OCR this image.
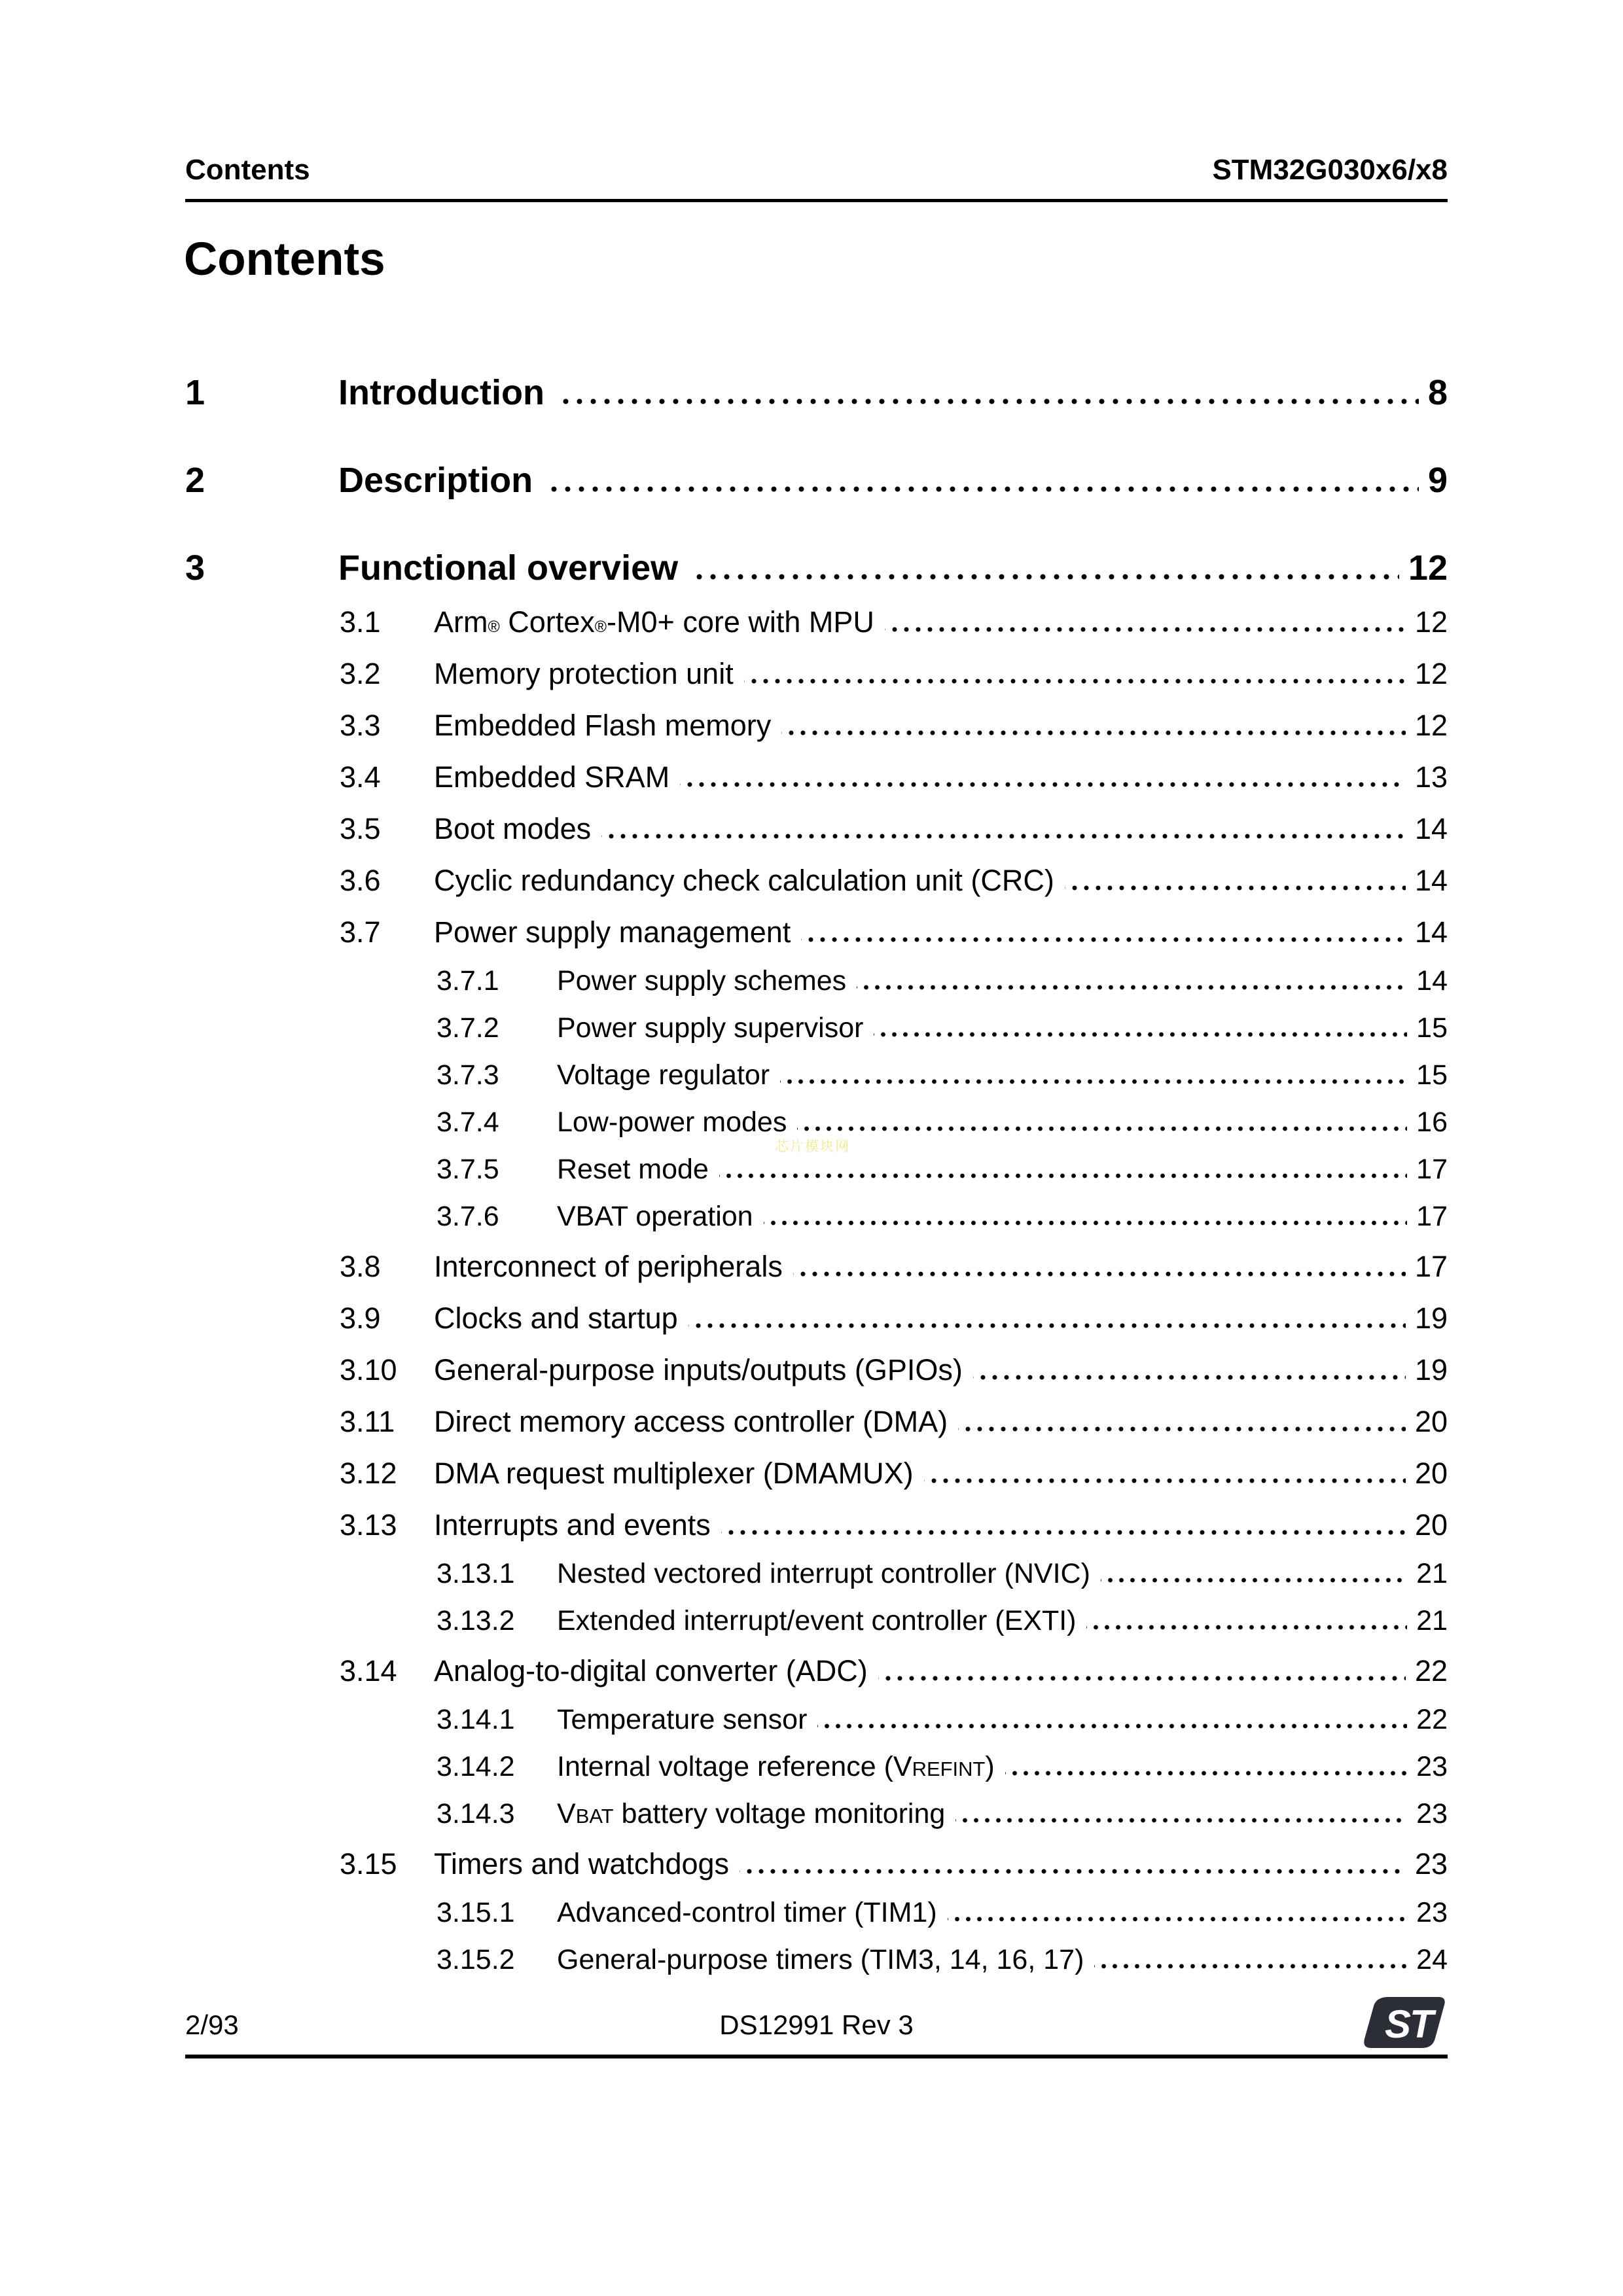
Contents	STM32G030x6/x8
Contents
1	Introduction	8
2	Description	9
3	Functional overview	12
3.1	Arm® Cortex®-M0+ core with MPU	12
3.2	Memory protection unit	12
3.3	Embedded Flash memory	12
3.4	Embedded SRAM	13
3.5	Boot modes	14
3.6	Cyclic redundancy check calculation unit (CRC)	14
3.7	Power supply management	14
3.7.1	Power supply schemes	14
3.7.2	Power supply supervisor	15
3.7.3	Voltage regulator	15
3.7.4	Low-power modes	16
3.7.5	Reset mode	17
3.7.6	VBAT operation	17
3.8	Interconnect of peripherals	17
3.9	Clocks and startup	19
3.10	General-purpose inputs/outputs (GPIOs)	19
3.11	Direct memory access controller (DMA)	20
3.12	DMA request multiplexer (DMAMUX)	20
3.13	Interrupts and events	20
3.13.1	Nested vectored interrupt controller (NVIC)	21
3.13.2	Extended interrupt/event controller (EXTI)	21
3.14	Analog-to-digital converter (ADC)	22
3.14.1	Temperature sensor	22
3.14.2	Internal voltage reference $(V_{REFINT})$	23
3.14.3	$V_{BAT}$ battery voltage monitoring	23
3.15	Timers and watchdogs	23
3.15.1	Advanced-control timer (TIM1)	23
3.15.2	General-purpose timers (TIM3, 14, 16, 17)	24
芯片模块网
2/93	DS12991 Rev 3	ST
